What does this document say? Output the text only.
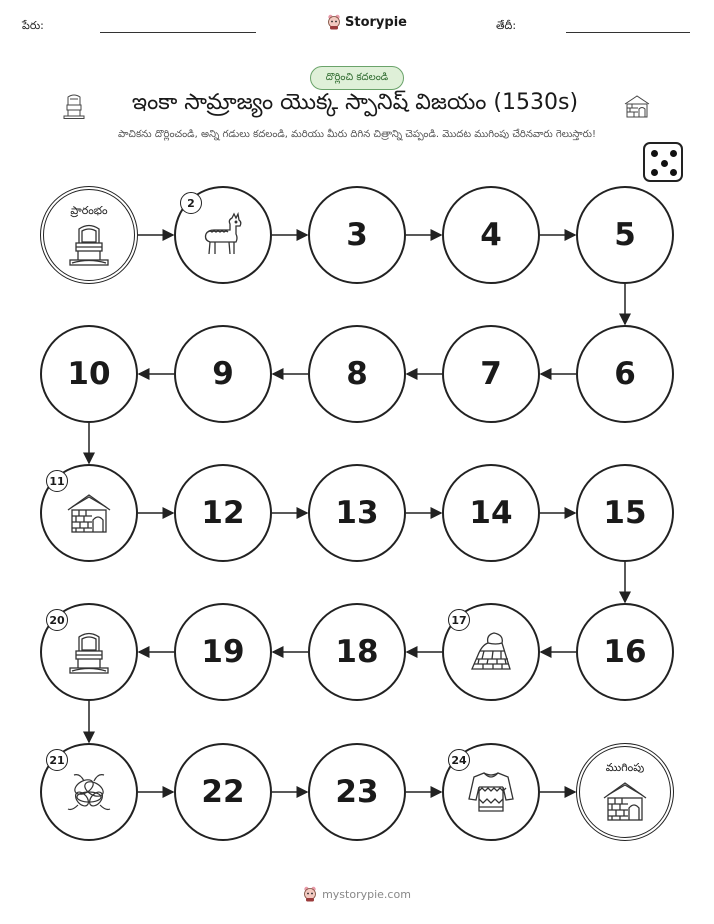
పేరు:	Storypie	తేదీ:
దొర్లించి కదలండి
ఇంకా సామ్రాజ్యం యొక్క స్పానిష్ విజయం (1530s)
పాచికను దొర్లించండి, అన్ని గడులు కదలండి, మరియు మీరు దిగిన చిత్రాన్ని చెప్పండి. మొదట ముగింపు చేరినవారు గెలుస్తారు!
ప్రారంభం
2
3	4	5
6
7
8
9
10
11
12	13	14	15
16
17
18
19
20
21
22	23
24
ముగింపు
mystorypie.com
